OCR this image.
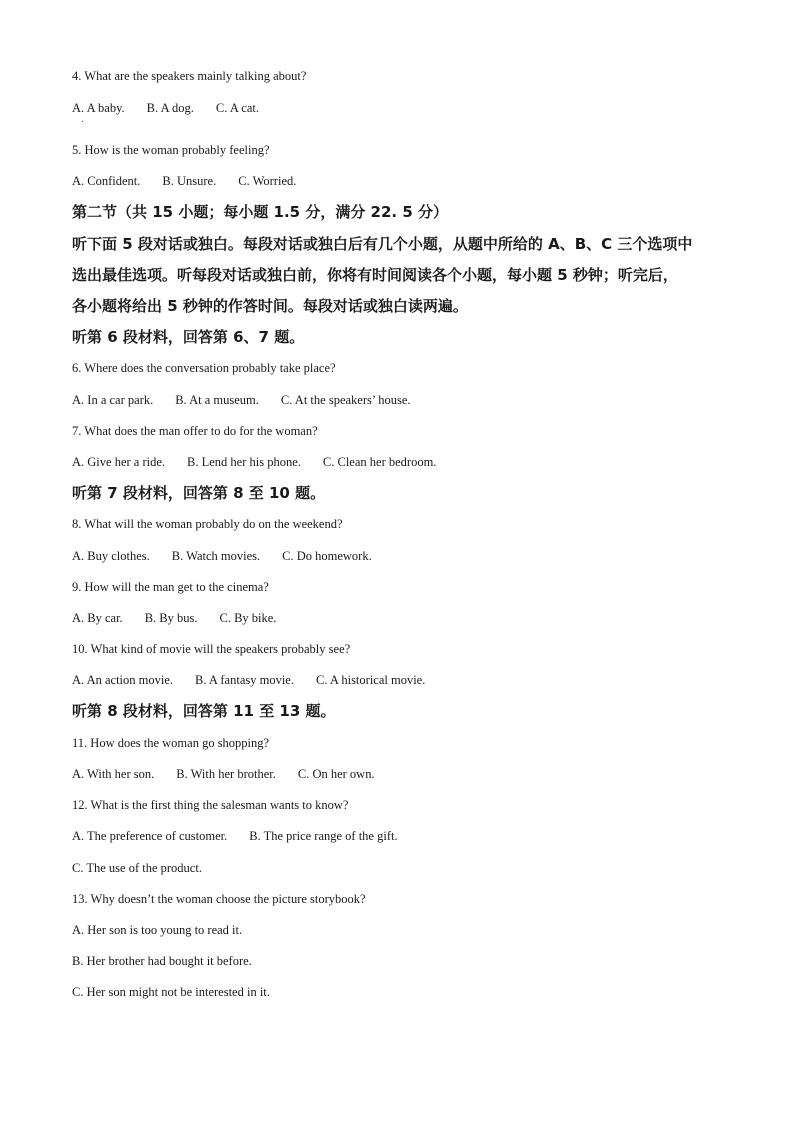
4. What are the speakers mainly talking about?
A. A baby. B. A dog. C. A cat.
5. How is the woman probably feeling?
A. Confident. B. Unsure. C. Worried.
第二节（共 15 小题；每小题 1.5 分，满分 22. 5 分）
听下面 5 段对话或独白。每段对话或独白后有几个小题，从题中所给的 A、B、C 三个选项中
选出最佳选项。听每段对话或独白前，你将有时间阅读各个小题，每小题 5 秒钟；听完后，
各小题将给出 5 秒钟的作答时间。每段对话或独白读两遍。
听第 6 段材料，回答第 6、7 题。
6. Where does the conversation probably take place?
A. In a car park. B. At a museum. C. At the speakers’ house.
7. What does the man offer to do for the woman?
A. Give her a ride. B. Lend her his phone. C. Clean her bedroom.
听第 7 段材料，回答第 8 至 10 题。
8. What will the woman probably do on the weekend?
A. Buy clothes. B. Watch movies. C. Do homework.
9. How will the man get to the cinema?
A. By car. B. By bus. C. By bike.
10. What kind of movie will the speakers probably see?
A. An action movie. B. A fantasy movie. C. A historical movie.
听第 8 段材料，回答第 11 至 13 题。
11. How does the woman go shopping?
A. With her son. B. With her brother. C. On her own.
12. What is the first thing the salesman wants to know?
A. The preference of customer. B. The price range of the gift.
C. The use of the product.
13. Why doesn’t the woman choose the picture storybook?
A. Her son is too young to read it.
B. Her brother had bought it before.
C. Her son might not be interested in it.
